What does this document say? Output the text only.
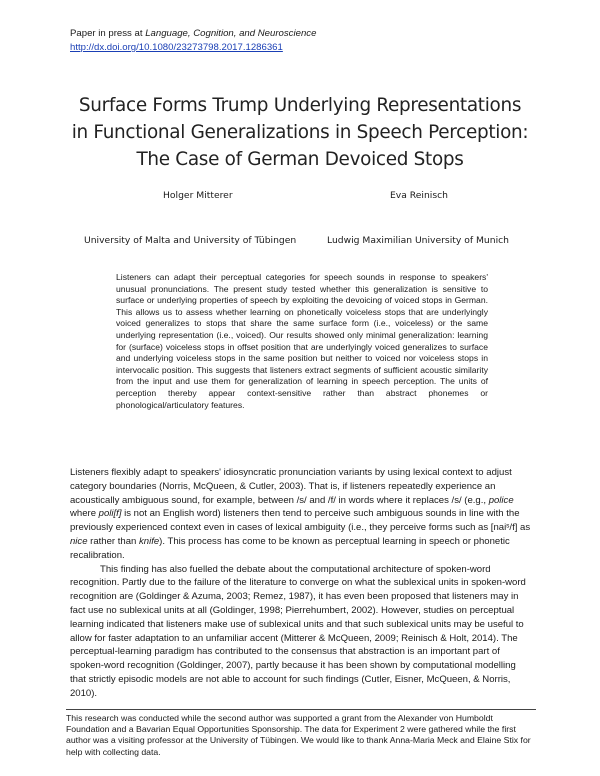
Paper in press at Language, Cognition, and Neuroscience
http://dx.doi.org/10.1080/23273798.2017.1286361
Surface Forms Trump Underlying Representations
in Functional Generalizations in Speech Perception:
The Case of German Devoiced Stops
Holger Mitterer	Eva Reinisch
University of Malta and University of Tübingen	Ludwig Maximilian University of Munich

Listeners can adapt their perceptual categories for speech sounds in response to speakers' unusual pronunciations. The present study tested whether this generalization is sensitive to surface or underlying properties of speech by exploiting the devoicing of voiced stops in German. This allows us to assess whether learning on phonetically voiceless stops that are underlyingly voiced generalizes to stops that share the same surface form (i.e., voiceless) or the same underlying representation (i.e., voiced). Our results showed only minimal generalization: learning for (surface) voiceless stops in offset position that are underlyingly voiced generalizes to surface and underlying voiceless stops in the same position but neither to voiced nor voiceless stops in intervocalic position. This suggests that listeners extract segments of sufficient acoustic similarity from the input and use them for generalization of learning in speech perception. The units of perception thereby appear context-sensitive rather than abstract phonemes or phonological/articulatory features.

Listeners flexibly adapt to speakers' idiosyncratic pronunciation variants by using lexical context to adjust category boundaries (Norris, McQueen, & Cutler, 2003). That is, if listeners repeatedly experience an acoustically ambiguous sound, for example, between /s/ and /f/ in words where it replaces /s/ (e.g., police where poli[f] is not an English word) listeners then tend to perceive such ambiguous sounds in line with the previously experienced context even in cases of lexical ambiguity (i.e., they perceive forms such as [naiˢ/f] as nice rather than knife). This process has come to be known as perceptual learning in speech or phonetic recalibration.

This finding has also fuelled the debate about the computational architecture of spoken-word recognition. Partly due to the failure of the literature to converge on what the sublexical units in spoken-word recognition are (Goldinger & Azuma, 2003; Remez, 1987), it has even been proposed that listeners may in fact use no sublexical units at all (Goldinger, 1998; Pierrehumbert, 2002). However, studies on perceptual learning indicated that listeners make use of sublexical units and that such sublexical units may be useful to allow for faster adaptation to an unfamiliar accent (Mitterer & McQueen, 2009; Reinisch & Holt, 2014). The perceptual-learning paradigm has contributed to the consensus that abstraction is an important part of spoken-word recognition (Goldinger, 2007), partly because it has been shown by computational modelling that strictly episodic models are not able to account for such findings (Cutler, Eisner, McQueen, & Norris, 2010).

This research was conducted while the second author was supported a grant from the Alexander von Humboldt Foundation and a Bavarian Equal Opportunities Sponsorship. The data for Experiment 2 were gathered while the first author was a visiting professor at the University of Tübingen. We would like to thank Anna-Maria Meck and Elaine Stix for help with collecting data.
